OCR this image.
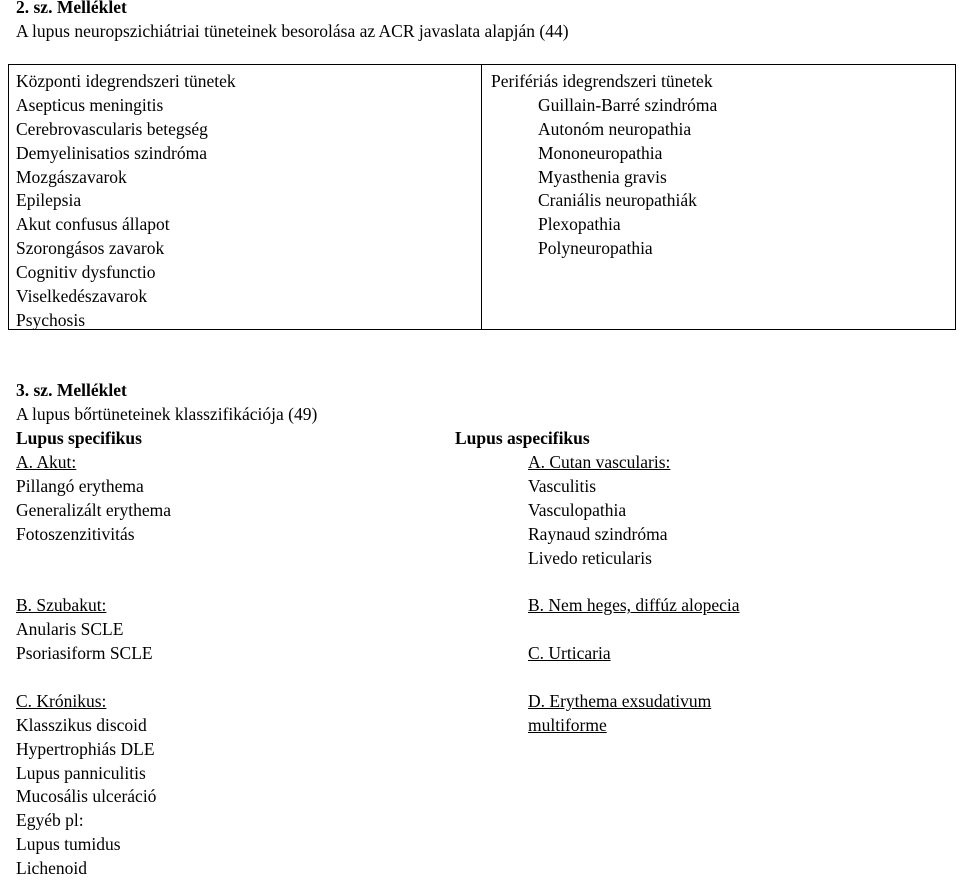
2. sz. Melléklet
A lupus neuropszichiátriai tüneteinek besorolása az ACR javaslata alapján (44)
Központi idegrendszeri tünetek
Asepticus meningitis
Cerebrovascularis betegség
Demyelinisatios szindróma
Mozgászavarok
Epilepsia
Akut confusus állapot
Szorongásos zavarok
Cognitiv dysfunctio
Viselkedészavarok
Psychosis
Perifériás idegrendszeri tünetek
Guillain-Barré szindróma
Autonóm neuropathia
Mononeuropathia
Myasthenia gravis
Craniális neuropathiák
Plexopathia
Polyneuropathia
3. sz. Melléklet
A lupus bőrtüneteinek klasszifikációja (49)
Lupus specifikus
A. Akut:
Pillangó erythema
Generalizált erythema
Fotoszenzitivitás
B. Szubakut:
Anularis SCLE
Psoriasiform SCLE
C. Krónikus:
Klasszikus discoid
Hypertrophiás DLE
Lupus panniculitis
Mucosális ulceráció
Egyéb pl:
Lupus tumidus
Lichenoid
Lupus aspecifikus
A. Cutan vascularis:
Vasculitis
Vasculopathia
Raynaud szindróma
Livedo reticularis
B. Nem heges, diffúz alopecia
C. Urticaria
D. Erythema exsudativum
multiforme
